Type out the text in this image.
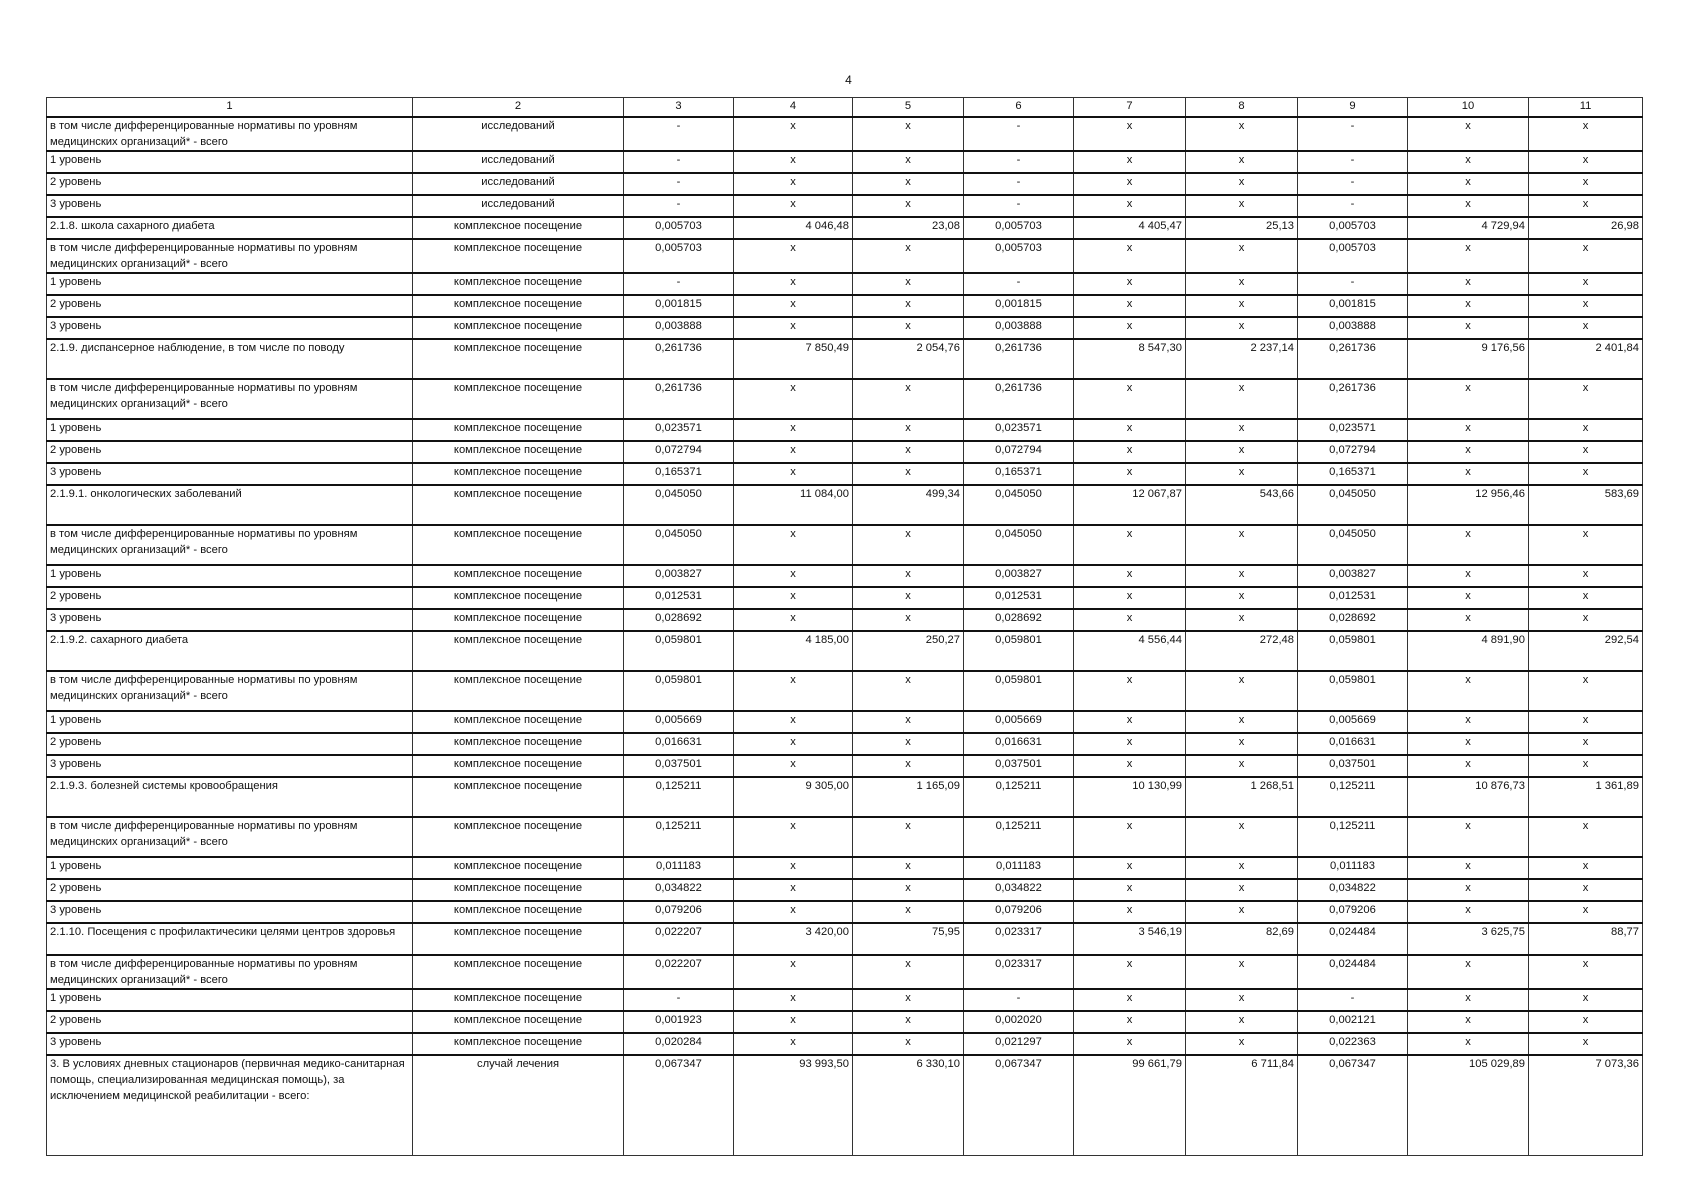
4
1	2	3	4	5	6	7	8	9	10	11
в том числе дифференцированные нормативы по уровням медицинских организаций* - всего	исследований	-	х	х	-	х	х	-	х	х
1 уровень	исследований	-	х	х	-	х	х	-	х	х
2 уровень	исследований	-	х	х	-	х	х	-	х	х
3 уровень	исследований	-	х	х	-	х	х	-	х	х
2.1.8. школа сахарного диабета	комплексное посещение	0,005703	4 046,48	23,08	0,005703	4 405,47	25,13	0,005703	4 729,94	26,98
в том числе дифференцированные нормативы по уровням медицинских организаций* - всего	комплексное посещение	0,005703	х	х	0,005703	х	х	0,005703	х	х
1 уровень	комплексное посещение	-	х	х	-	х	х	-	х	х
2 уровень	комплексное посещение	0,001815	х	х	0,001815	х	х	0,001815	х	х
3 уровень	комплексное посещение	0,003888	х	х	0,003888	х	х	0,003888	х	х
2.1.9. диспансерное наблюдение, в том числе по поводу	комплексное посещение	0,261736	7 850,49	2 054,76	0,261736	8 547,30	2 237,14	0,261736	9 176,56	2 401,84
в том числе дифференцированные нормативы по уровням медицинских организаций* - всего	комплексное посещение	0,261736	х	х	0,261736	х	х	0,261736	х	х
1 уровень	комплексное посещение	0,023571	х	х	0,023571	х	х	0,023571	х	х
2 уровень	комплексное посещение	0,072794	х	х	0,072794	х	х	0,072794	х	х
3 уровень	комплексное посещение	0,165371	х	х	0,165371	х	х	0,165371	х	х
2.1.9.1. онкологических заболеваний	комплексное посещение	0,045050	11 084,00	499,34	0,045050	12 067,87	543,66	0,045050	12 956,46	583,69
в том числе дифференцированные нормативы по уровням медицинских организаций* - всего	комплексное посещение	0,045050	х	х	0,045050	х	х	0,045050	х	х
1 уровень	комплексное посещение	0,003827	х	х	0,003827	х	х	0,003827	х	х
2 уровень	комплексное посещение	0,012531	х	х	0,012531	х	х	0,012531	х	х
3 уровень	комплексное посещение	0,028692	х	х	0,028692	х	х	0,028692	х	х
2.1.9.2. сахарного диабета	комплексное посещение	0,059801	4 185,00	250,27	0,059801	4 556,44	272,48	0,059801	4 891,90	292,54
в том числе дифференцированные нормативы по уровням медицинских организаций* - всего	комплексное посещение	0,059801	х	х	0,059801	х	х	0,059801	х	х
1 уровень	комплексное посещение	0,005669	х	х	0,005669	х	х	0,005669	х	х
2 уровень	комплексное посещение	0,016631	х	х	0,016631	х	х	0,016631	х	х
3 уровень	комплексное посещение	0,037501	х	х	0,037501	х	х	0,037501	х	х
2.1.9.3. болезней системы кровообращения	комплексное посещение	0,125211	9 305,00	1 165,09	0,125211	10 130,99	1 268,51	0,125211	10 876,73	1 361,89
в том числе дифференцированные нормативы по уровням медицинских организаций* - всего	комплексное посещение	0,125211	х	х	0,125211	х	х	0,125211	х	х
1 уровень	комплексное посещение	0,011183	х	х	0,011183	х	х	0,011183	х	х
2 уровень	комплексное посещение	0,034822	х	х	0,034822	х	х	0,034822	х	х
3 уровень	комплексное посещение	0,079206	х	х	0,079206	х	х	0,079206	х	х
2.1.10. Посещения с профилактичесики целями центров здоровья	комплексное посещение	0,022207	3 420,00	75,95	0,023317	3 546,19	82,69	0,024484	3 625,75	88,77
в том числе дифференцированные нормативы по уровням медицинских организаций* - всего	комплексное посещение	0,022207	х	х	0,023317	х	х	0,024484	х	х
1 уровень	комплексное посещение	-	х	х	-	х	х	-	х	х
2 уровень	комплексное посещение	0,001923	х	х	0,002020	х	х	0,002121	х	х
3 уровень	комплексное посещение	0,020284	х	х	0,021297	х	х	0,022363	х	х
3. В условиях дневных стационаров (первичная медико-санитарная помощь, специализированная медицинская помощь), за исключением медицинской реабилитации - всего:	случай лечения	0,067347	93 993,50	6 330,10	0,067347	99 661,79	6 711,84	0,067347	105 029,89	7 073,36
